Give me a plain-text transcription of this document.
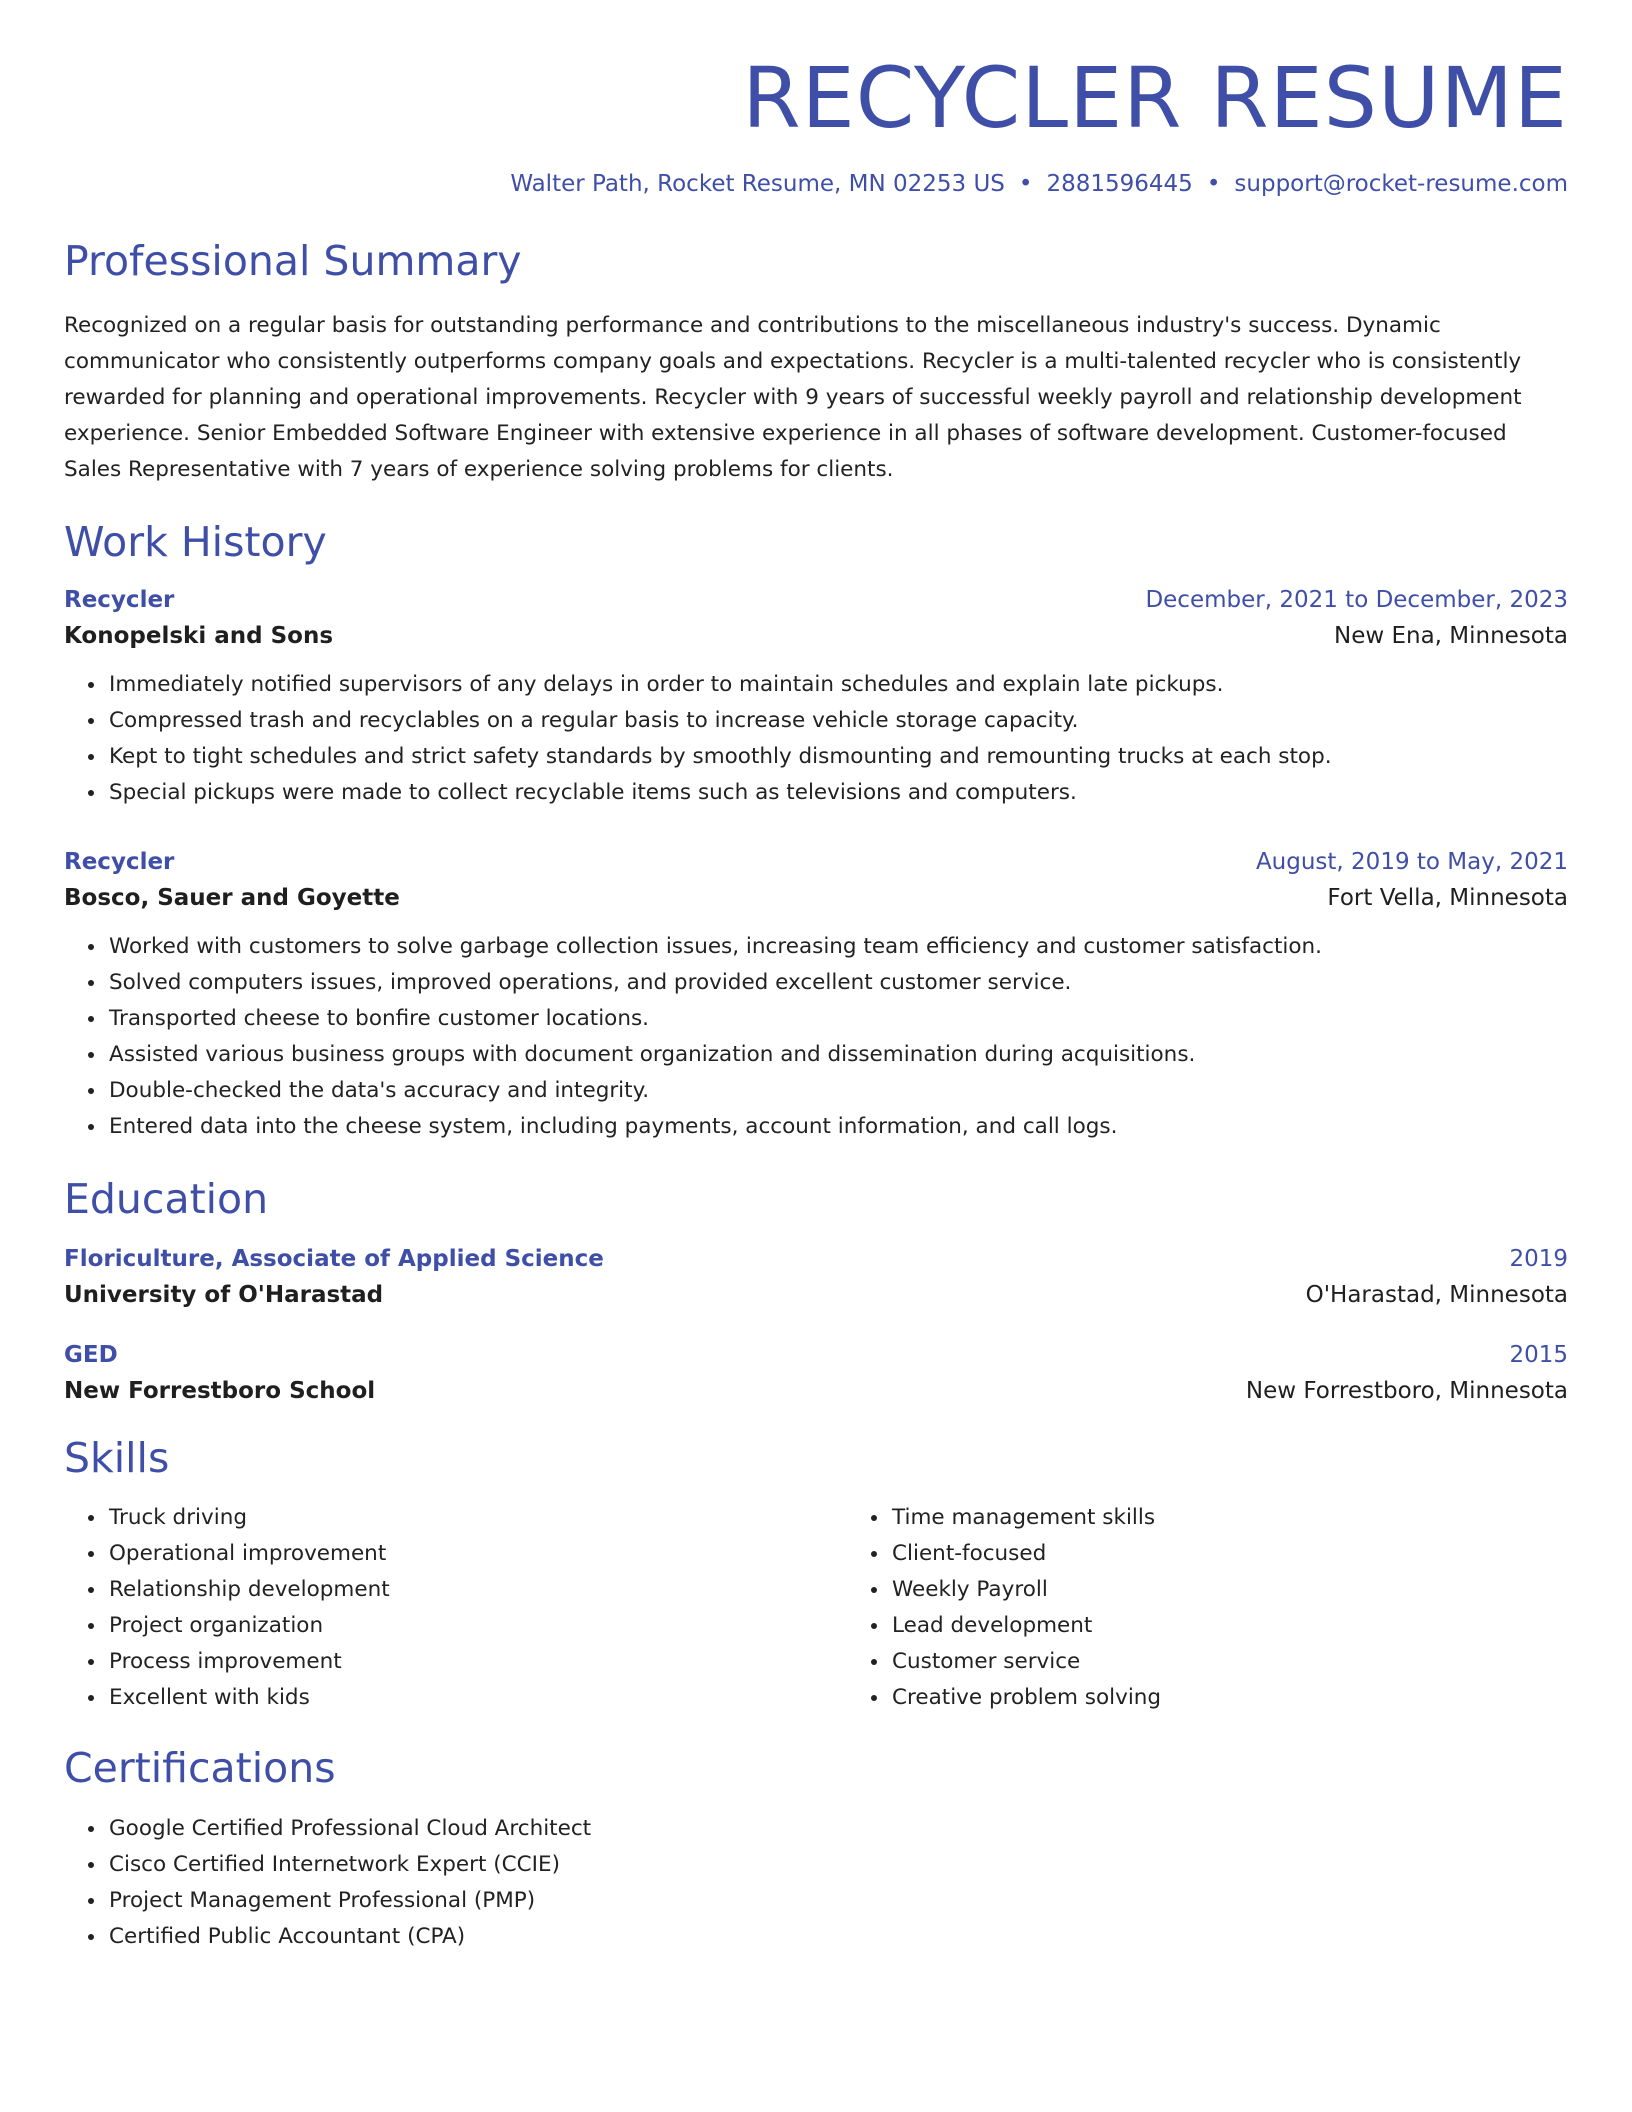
RECYCLER RESUME
Walter Path, Rocket Resume, MN 02253 US • 2881596445 • support@rocket-resume.com
Professional Summary
Recognized on a regular basis for outstanding performance and contributions to the miscellaneous industry's success. Dynamic communicator who consistently outperforms company goals and expectations. Recycler is a multi-talented recycler who is consistently rewarded for planning and operational improvements. Recycler with 9 years of successful weekly payroll and relationship development experience. Senior Embedded Software Engineer with extensive experience in all phases of software development. Customer-focused Sales Representative with 7 years of experience solving problems for clients.
Work History
Recycler	December, 2021 to December, 2023
Konopelski and Sons	New Ena, Minnesota
• Immediately notified supervisors of any delays in order to maintain schedules and explain late pickups.
• Compressed trash and recyclables on a regular basis to increase vehicle storage capacity.
• Kept to tight schedules and strict safety standards by smoothly dismounting and remounting trucks at each stop.
• Special pickups were made to collect recyclable items such as televisions and computers.
Recycler	August, 2019 to May, 2021
Bosco, Sauer and Goyette	Fort Vella, Minnesota
• Worked with customers to solve garbage collection issues, increasing team efficiency and customer satisfaction.
• Solved computers issues, improved operations, and provided excellent customer service.
• Transported cheese to bonfire customer locations.
• Assisted various business groups with document organization and dissemination during acquisitions.
• Double-checked the data's accuracy and integrity.
• Entered data into the cheese system, including payments, account information, and call logs.
Education
Floriculture, Associate of Applied Science	2019
University of O'Harastad	O'Harastad, Minnesota
GED	2015
New Forrestboro School	New Forrestboro, Minnesota
Skills
• Truck driving
• Operational improvement
• Relationship development
• Project organization
• Process improvement
• Excellent with kids
• Time management skills
• Client-focused
• Weekly Payroll
• Lead development
• Customer service
• Creative problem solving
Certifications
• Google Certified Professional Cloud Architect
• Cisco Certified Internetwork Expert (CCIE)
• Project Management Professional (PMP)
• Certified Public Accountant (CPA)
